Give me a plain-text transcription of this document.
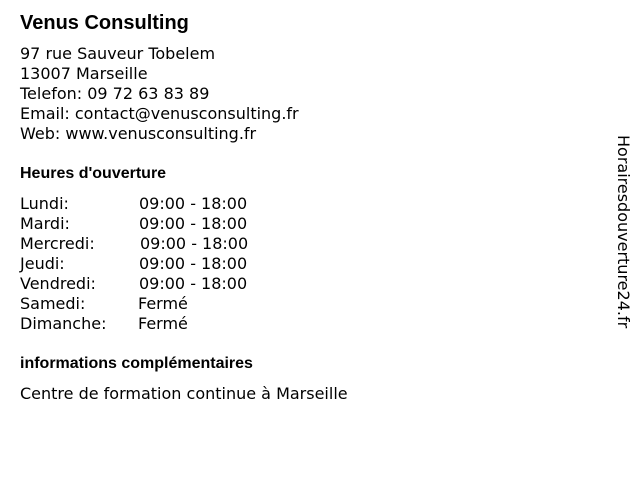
Venus Consulting
97 rue Sauveur Tobelem
13007 Marseille
Telefon: 09 72 63 83 89
Email: contact@venusconsulting.fr
Web: www.venusconsulting.fr
Heures d'ouverture
Lundi:	09:00 - 18:00
Mardi:	09:00 - 18:00
Mercredi:	09:00 - 18:00
Jeudi:	09:00 - 18:00
Vendredi:	09:00 - 18:00
Samedi:	Fermé
Dimanche: Fermé
informations complémentaires
Centre de formation continue à Marseille
Horairesdouverture24.fr
